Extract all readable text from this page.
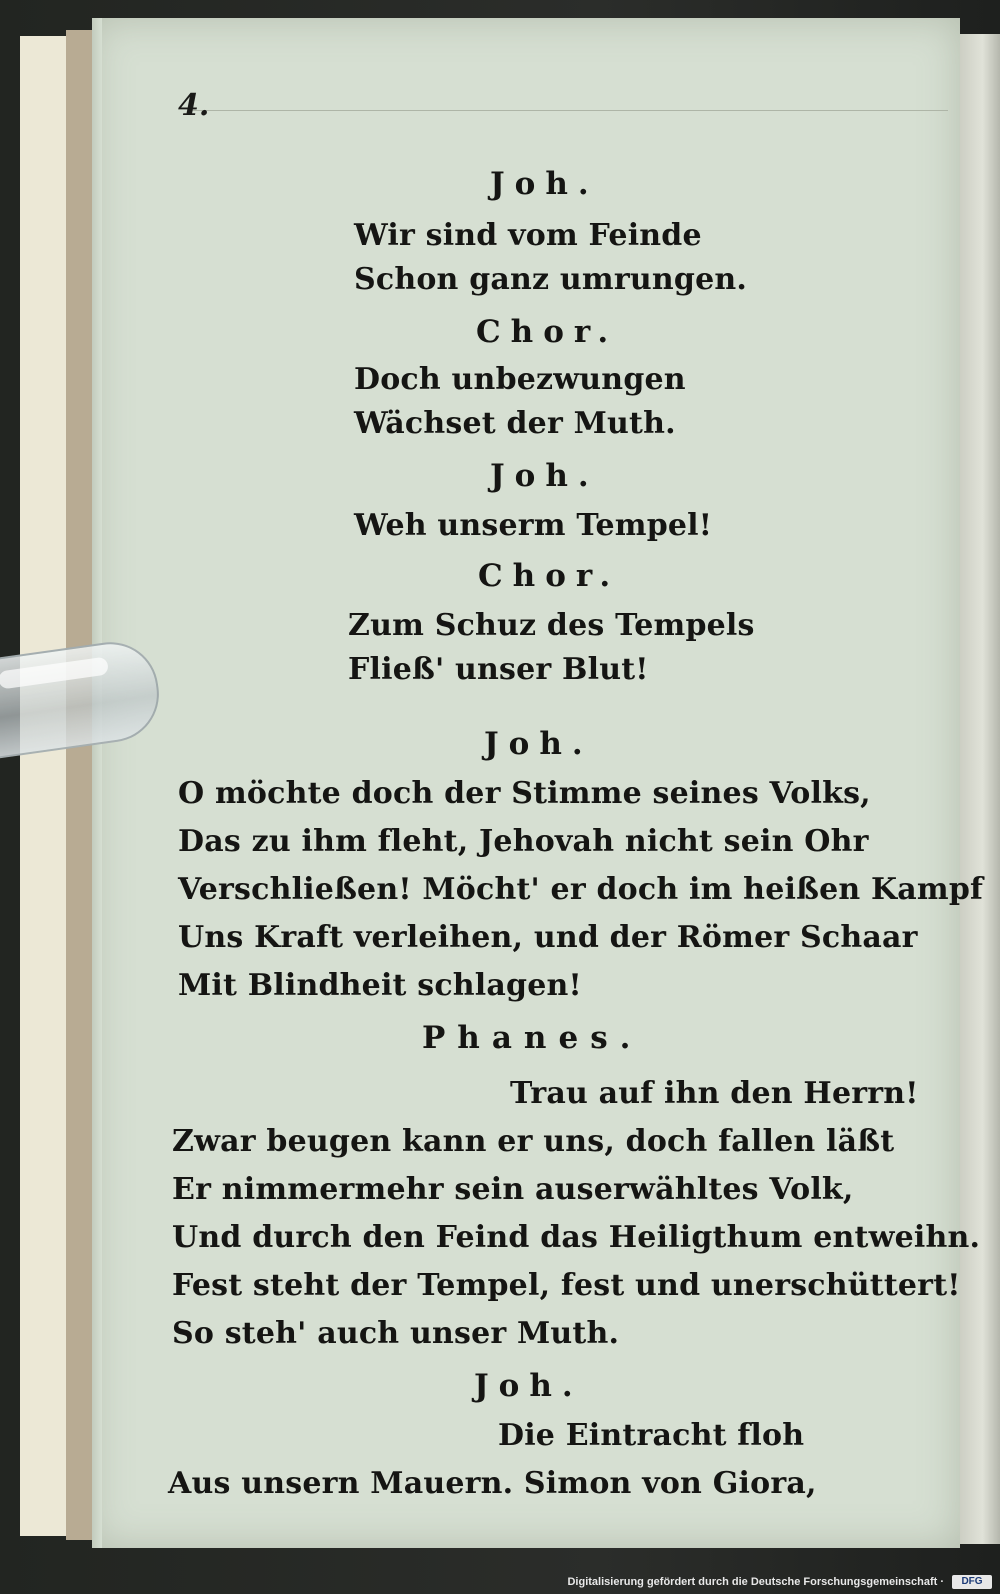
4.
Joh.
Wir sind vom Feinde
Schon ganz umrungen.
Chor.
Doch unbezwungen
Wächset der Muth.
Joh.
Weh unserm Tempel!
Chor.
Zum Schuz des Tempels
Fließ' unser Blut!
Joh.
O möchte doch der Stimme seines Volks,
Das zu ihm fleht, Jehovah nicht sein Ohr
Verschließen! Möcht' er doch im heißen Kampf
Uns Kraft verleihen, und der Römer Schaar
Mit Blindheit schlagen!
Phanes.
Trau auf ihn den Herrn!
Zwar beugen kann er uns, doch fallen läßt
Er nimmermehr sein auserwähltes Volk,
Und durch den Feind das Heiligthum entweihn.
Fest steht der Tempel, fest und unerschüttert!
So steh' auch unser Muth.
Joh.
Die Eintracht floh
Aus unsern Mauern. Simon von Giora,
Digitalisierung gefördert durch die Deutsche Forschungsgemeinschaft ·	DFG
